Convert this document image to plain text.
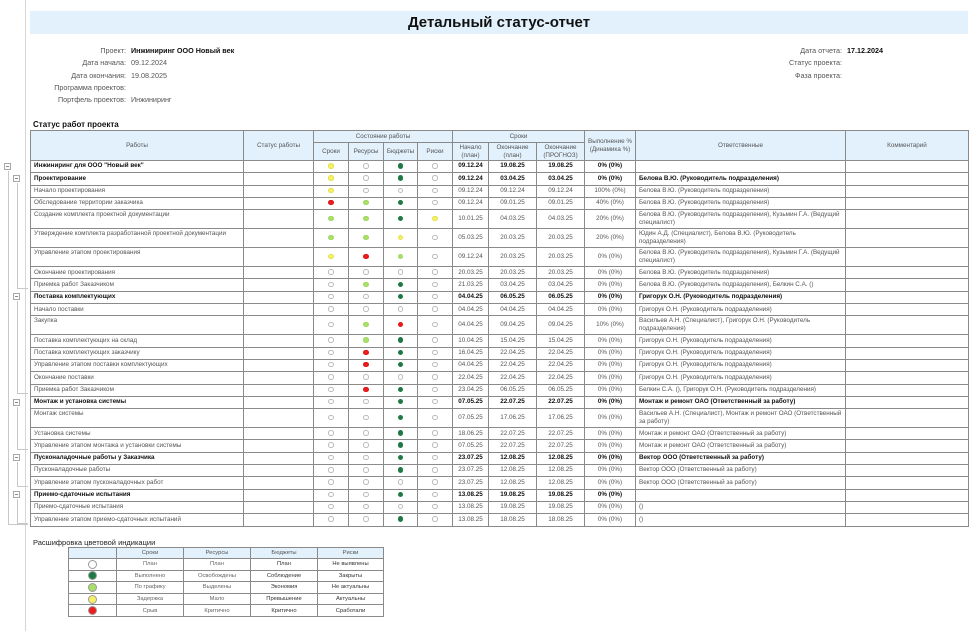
Детальный статус-отчет
Проект: Инжиниринг ООО Новый век
Дата начала: 09.12.2024
Дата окончания: 19.08.2025
Программа проектов:
Портфель проектов: Инжиниринг
Дата отчета: 17.12.2024
Статус проекта:
Фаза проекта:
Статус работ проекта
Работы	Статус работы	Состояние работы				Сроки			Выполнение % (Динамика %)	Ответственные	Комментарий
		Сроки	Ресурсы	Бюджеты	Риски	Начало (план)	Окончание (план)	Окончание (ПРОГНОЗ)			
Инжиниринг для ООО "Новый век"						09.12.24	19.08.25	19.08.25	0% (0%)		
Проектирование						09.12.24	03.04.25	03.04.25	0% (0%)	Белова В.Ю. (Руководитель подразделения)	
Начало проектирования						09.12.24	09.12.24	09.12.24	100% (0%)	Белова В.Ю. (Руководитель подразделения)	
Обследование территории заказчика						09.12.24	09.01.25	09.01.25	40% (0%)	Белова В.Ю. (Руководитель подразделения)	
Создание комплекта проектной документации						10.01.25	04.03.25	04.03.25	20% (0%)	Белова В.Ю. (Руководитель подразделения), Кузьмин Г.А. (Ведущий специалист)	
Утверждение комплекта разработанной проектной документации						05.03.25	20.03.25	20.03.25	20% (0%)	Юдин А.Д. (Специалист), Белова В.Ю. (Руководитель подразделения)	
Управление этапом проектирования						09.12.24	20.03.25	20.03.25	0% (0%)	Белова В.Ю. (Руководитель подразделения), Кузьмин Г.А. (Ведущий специалист)	
Окончание проектирования						20.03.25	20.03.25	20.03.25	0% (0%)	Белова В.Ю. (Руководитель подразделения)	
Приемка работ Заказчиком						21.03.25	03.04.25	03.04.25	0% (0%)	Белова В.Ю. (Руководитель подразделения), Белкин С.А. ()	
Поставка комплектующих						04.04.25	06.05.25	06.05.25	0% (0%)	Григорук О.Н. (Руководитель подразделения)	
Начало поставки						04.04.25	04.04.25	04.04.25	0% (0%)	Григорук О.Н. (Руководитель подразделения)	
Закупка						04.04.25	09.04.25	09.04.25	10% (0%)	Васильев А.Н. (Специалист), Григорук О.Н. (Руководитель подразделения)	
Поставка комплектующих на склад						10.04.25	15.04.25	15.04.25	0% (0%)	Григорук О.Н. (Руководитель подразделения)	
Поставка комплектующих заказчику						16.04.25	22.04.25	22.04.25	0% (0%)	Григорук О.Н. (Руководитель подразделения)	
Управление этапом поставки комплектующих						04.04.25	22.04.25	22.04.25	0% (0%)	Григорук О.Н. (Руководитель подразделения)	
Окончание поставки						22.04.25	22.04.25	22.04.25	0% (0%)	Григорук О.Н. (Руководитель подразделения)	
Приемка работ Заказчиком						23.04.25	06.05.25	06.05.25	0% (0%)	Белкин С.А. (), Григорук О.Н. (Руководитель подразделения)	
Монтаж и установка системы						07.05.25	22.07.25	22.07.25	0% (0%)	Монтаж и ремонт ОАО (Ответственный за работу)	
Монтаж системы						07.05.25	17.06.25	17.06.25	0% (0%)	Васильев А.Н. (Специалист), Монтаж и ремонт ОАО (Ответственный за работу)	
Установка системы						18.06.25	22.07.25	22.07.25	0% (0%)	Монтаж и ремонт ОАО (Ответственный за работу)	
Управление этапом монтажа и установки системы						07.05.25	22.07.25	22.07.25	0% (0%)	Монтаж и ремонт ОАО (Ответственный за работу)	
Пусконаладочные работы у Заказчика						23.07.25	12.08.25	12.08.25	0% (0%)	Вектор ООО (Ответственный за работу)	
Пусконаладочные работы						23.07.25	12.08.25	12.08.25	0% (0%)	Вектор ООО (Ответственный за работу)	
Управление этапом пусконаладочных работ						23.07.25	12.08.25	12.08.25	0% (0%)	Вектор ООО (Ответственный за работу)	
Приемо-сдаточные испытания						13.08.25	19.08.25	19.08.25	0% (0%)		
Приемо-сдаточные испытания						13.08.25	19.08.25	19.08.25	0% (0%)	()	
Управление этапом приемо-сдаточных испытаний						13.08.25	18.08.25	18.08.25	0% (0%)	()	
Расшифровка цветовой индикации
	Сроки	Ресурсы	Бюджеты	Риски
	План	План	План	Не выявлены
	Выполнено	Освобождены	Соблюдение	Закрыты
	По графику	Выделены	Экономия	Не актуальны
	Задержка	Мало	Превышение	Актуальны
	Срыв	Критично	Критично	Сработали
